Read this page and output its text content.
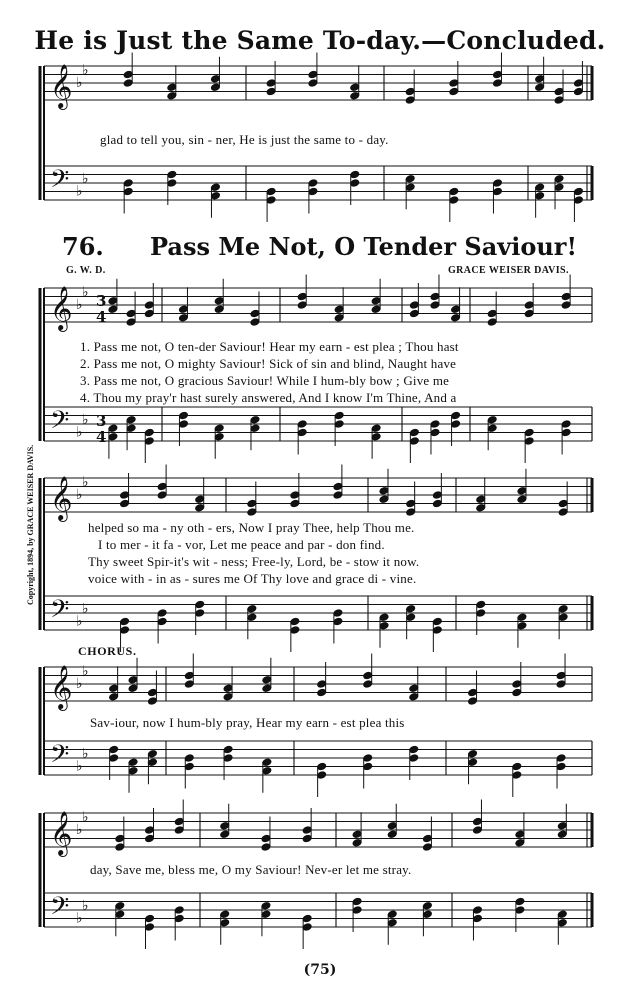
He is Just the Same To-day.—Concluded.
𝄞
𝄢
♭
♭
♭
♭
𝄞
𝄢
♭
♭
♭
♭
𝄞
𝄢
♭
♭
♭
♭
𝄞
𝄢
♭
♭
♭
♭
𝄞
𝄢
♭
♭
♭
♭
3
4
3
4
glad to tell you, sin - ner, He is just the same to - day.
76. Pass Me Not, O Tender Saviour!
G. W. D.	GRACE WEISER DAVIS.
1. Pass me not, O ten-der Saviour! Hear my earn - est plea ; Thou hast
2. Pass me not, O mighty Saviour! Sick of sin and blind, Naught have
3. Pass me not, O gracious Saviour! While I hum-bly bow ; Give me
4. Thou my pray'r hast surely answered, And I know I'm Thine, And a
helped so ma - ny oth - ers, Now I pray Thee, help Thou me.
I to mer - it fa - vor, Let me peace and par - don find.
Thy sweet Spir-it's wit - ness; Free-ly, Lord, be - stow it now.
voice with - in as - sures me Of Thy love and grace di - vine.
CHORUS.
Sav-iour, now I hum-bly pray, Hear my earn - est plea this
day, Save me, bless me, O my Saviour! Nev-er let me stray.
Copyright, 1894, by GRACE WEISER DAVIS.
(75)
